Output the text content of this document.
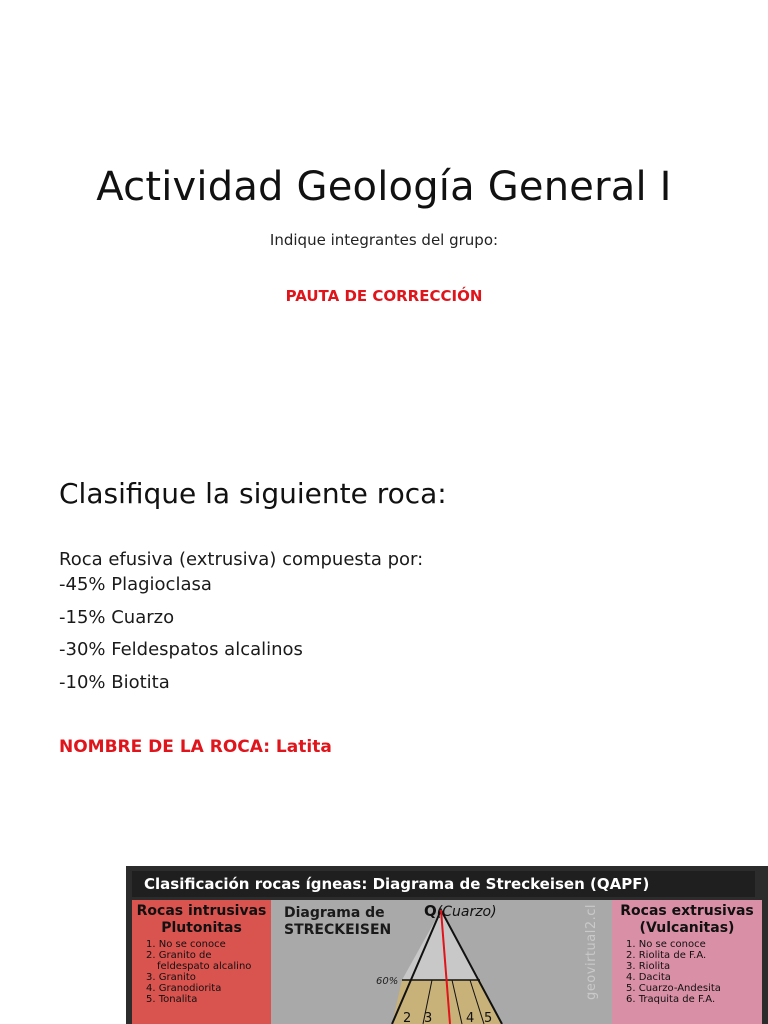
Actividad Geología General I
Indique integrantes del grupo:
PAUTA DE CORRECCIÓN
Clasifique la siguiente roca:
Roca efusiva (extrusiva) compuesta por:
-45% Plagioclasa
-15% Cuarzo
-30% Feldespatos alcalinos
-10% Biotita
NOMBRE DE LA ROCA: Latita
Clasificación rocas ígneas: Diagrama de Streckeisen (QAPF)
Rocas intrusivas
Plutonitas
1. No se conoce
2. Granito de
feldespato alcalino
3. Granito
4. Granodiorita
5. Tonalita
Diagrama de
STRECKEISEN
2 3	4 5
Q(Cuarzo)
60%	geovirtual2.cl	Rocas extrusivas
(Vulcanitas)
1. No se conoce
2. Riolita de F.A.
3. Riolita
4. Dacita
5. Cuarzo-Andesita
6. Traquita de F.A.
